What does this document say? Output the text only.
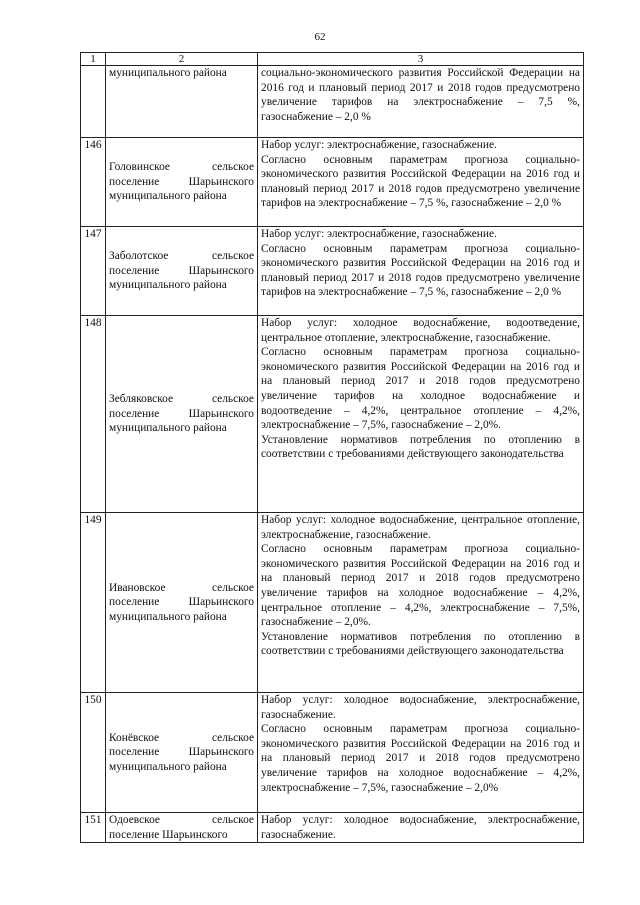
62
1	2	3
	муниципального района	социально-экономического развития Российской Федерации на 2016 год и плановый период 2017 и 2018 годов предусмотрено увеличение тарифов на электроснабжение – 7,5 %, газоснабжение – 2,0 %

146	Головинское сельское поселение Шарьинского муниципального района	Набор услуг: электроснабжение, газоснабжение.

Согласно основным параметрам прогноза социально-экономического развития Российской Федерации на 2016 год и плановый период 2017 и 2018 годов предусмотрено увеличение тарифов на электроснабжение – 7,5 %, газоснабжение – 2,0 %

147	Заболотское сельское поселение Шарьинского муниципального района	Набор услуг: электроснабжение, газоснабжение.

Согласно основным параметрам прогноза социально-экономического развития Российской Федерации на 2016 год и плановый период 2017 и 2018 годов предусмотрено увеличение тарифов на электроснабжение – 7,5 %, газоснабжение – 2,0 %

148	Зебляковское сельское поселение Шарьинского муниципального района	Набор услуг: холодное водоснабжение, водоотведение, центральное отопление, электроснабжение, газоснабжение.

Согласно основным параметрам прогноза социально-экономического развития Российской Федерации на 2016 год и на плановый период 2017 и 2018 годов предусмотрено увеличение тарифов на холодное водоснабжение и водоотведение – 4,2%, центральное отопление – 4,2%, электроснабжение – 7,5%, газоснабжение – 2,0%.

Установление нормативов потребления по отоплению в соответствии с требованиями действующего законодательства

149	Ивановское сельское поселение Шарьинского муниципального района	Набор услуг: холодное водоснабжение, центральное отопление, электроснабжение, газоснабжение.

Согласно основным параметрам прогноза социально-экономического развития Российской Федерации на 2016 год и на плановый период 2017 и 2018 годов предусмотрено увеличение тарифов на холодное водоснабжение – 4,2%, центральное отопление – 4,2%, электроснабжение – 7,5%, газоснабжение – 2,0%.

Установление нормативов потребления по отоплению в соответствии с требованиями действующего законодательства

150	Конёвское сельское поселение Шарьинского муниципального района	Набор услуг: холодное водоснабжение, электроснабжение, газоснабжение.

Согласно основным параметрам прогноза социально-экономического развития Российской Федерации на 2016 год и на плановый период 2017 и 2018 годов предусмотрено увеличение тарифов на холодное водоснабжение – 4,2%, электроснабжение – 7,5%, газоснабжение – 2,0%

151	Одоевское сельское поселение Шарьинского	Набор услуг: холодное водоснабжение, электроснабжение, газоснабжение.
